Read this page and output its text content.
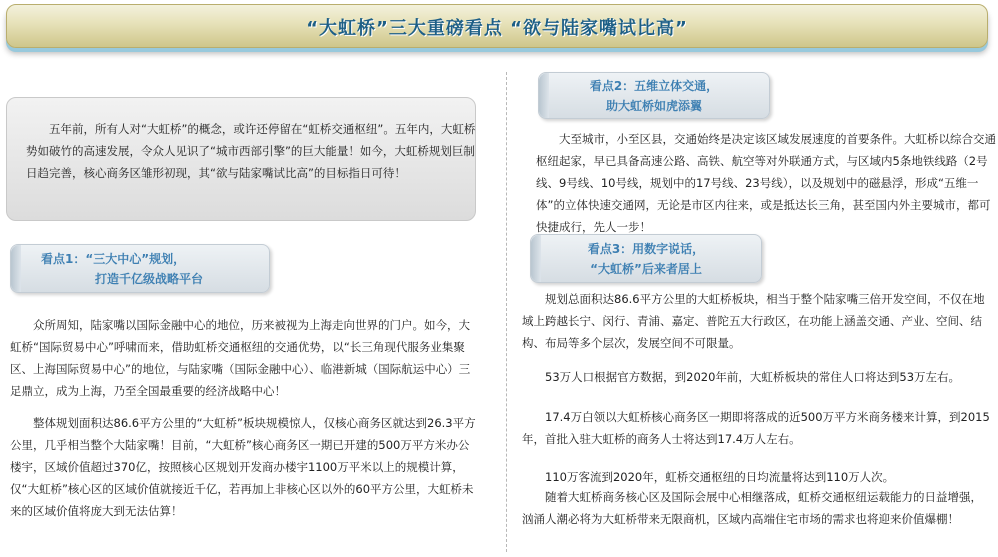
“大虹桥”三大重磅看点 “欲与陆家嘴试比高”
五年前，所有人对“大虹桥”的概念，或许还停留在“虹桥交通枢纽”。五年内，大虹桥势如破竹的高速发展，令众人见识了“城市西部引擎”的巨大能量！如今，大虹桥规划巨制日趋完善，核心商务区雏形初现，其“欲与陆家嘴试比高”的目标指日可待！
看点1：“三大中心”规划，
打造千亿级战略平台
众所周知，陆家嘴以国际金融中心的地位，历来被视为上海走向世界的门户。如今，大虹桥“国际贸易中心”呼啸而来，借助虹桥交通枢纽的交通优势，以“长三角现代服务业集聚区、上海国际贸易中心”的地位，与陆家嘴（国际金融中心）、临港新城（国际航运中心）三足鼎立，成为上海，乃至全国最重要的经济战略中心！
整体规划面积达86.6平方公里的“大虹桥”板块规模惊人，仅核心商务区就达到26.3平方公里，几乎相当整个大陆家嘴！目前，“大虹桥”核心商务区一期已开建的500万平方米办公楼宇，区域价值超过370亿，按照核心区规划开发商办楼宇1100万平米以上的规模计算，仅“大虹桥”核心区的区域价值就接近千亿，若再加上非核心区以外的60平方公里，大虹桥未来的区域价值将庞大到无法估算！
看点2：五维立体交通，
助大虹桥如虎添翼
大至城市，小至区县，交通始终是决定该区域发展速度的首要条件。大虹桥以综合交通枢纽起家，早已具备高速公路、高铁、航空等对外联通方式，与区域内5条地铁线路（2号线、9号线、10号线，规划中的17号线、23号线），以及规划中的磁悬浮，形成“五维一体”的立体快速交通网，无论是市区内往来，或是抵达长三角，甚至国内外主要城市，都可快捷成行，先人一步！
看点3：用数字说话，
“大虹桥”后来者居上
规划总面积达86.6平方公里的大虹桥板块，相当于整个陆家嘴三倍开发空间，不仅在地域上跨越长宁、闵行、青浦、嘉定、普陀五大行政区，在功能上涵盖交通、产业、空间、结构、布局等多个层次，发展空间不可限量。
53万人口根据官方数据，到2020年前，大虹桥板块的常住人口将达到53万左右。
17.4万白领以大虹桥核心商务区一期即将落成的近500万平方米商务楼来计算，到2015年，首批入驻大虹桥的商务人士将达到17.4万人左右。
110万客流到2020年，虹桥交通枢纽的日均流量将达到110万人次。
随着大虹桥商务核心区及国际会展中心相继落成，虹桥交通枢纽运载能力的日益增强，汹涌人潮必将为大虹桥带来无限商机，区域内高端住宅市场的需求也将迎来价值爆棚！
